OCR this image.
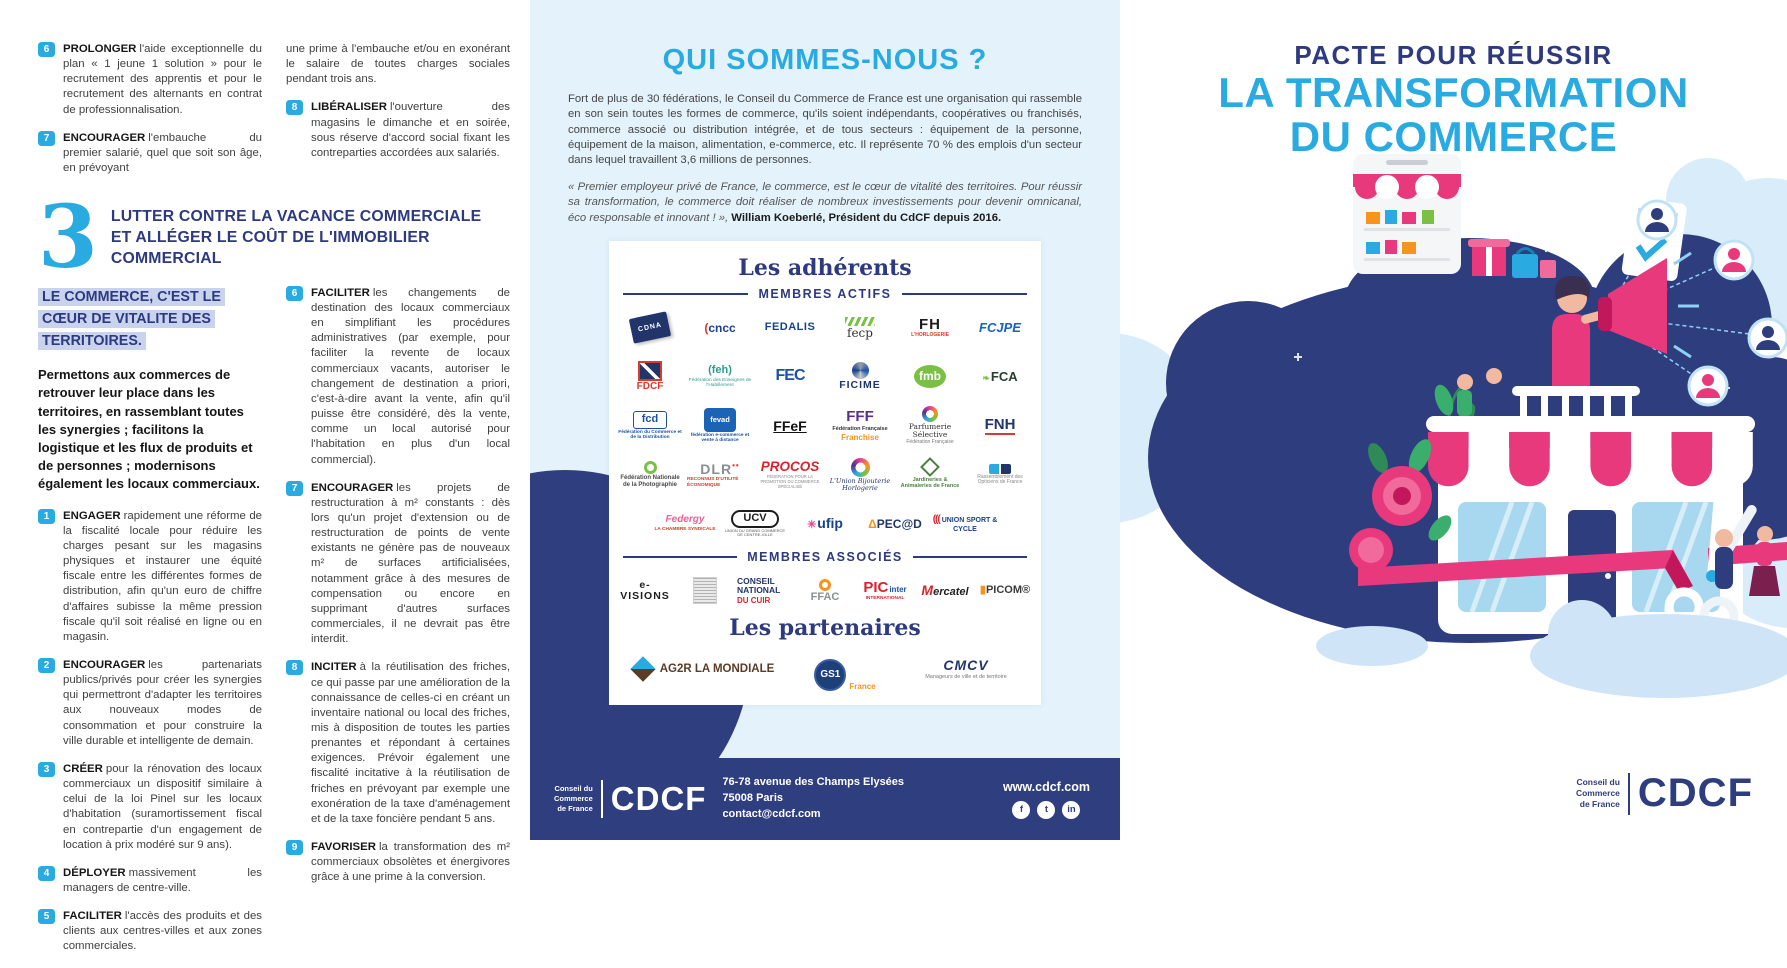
6	PROLONGER l'aide exceptionnelle du plan « 1 jeune 1 solution » pour le recrutement des apprentis et pour le recrutement des alternants en contrat de professionnalisation.

7	ENCOURAGER l'embauche du premier salarié, quel que soit son âge, en prévoyant

une prime à l'embauche et/ou en exonérant le salaire de toutes charges sociales pendant trois ans.

8	LIBÉRALISER l'ouverture des magasins le dimanche et en soirée, sous réserve d'accord social fixant les contreparties accordées aux salariés.

3 LUTTER CONTRE LA VACANCE COMMERCIALE
ET ALLÉGER LE COÛT DE L'IMMOBILIER COMMERCIAL

LE COMMERCE, C'EST LE CŒUR DE VITALITE DES TERRITOIRES.

Permettons aux commerces de retrouver leur place dans les territoires, en rassemblant toutes les synergies ; facilitons la logistique et les flux de produits et de personnes ; modernisons également les locaux commerciaux.

1	ENGAGER rapidement une réforme de la fiscalité locale pour réduire les charges pesant sur les magasins physiques et instaurer une équité fiscale entre les différentes formes de distribution, afin qu'un euro de chiffre d'affaires subisse la même pression fiscale qu'il soit réalisé en ligne ou en magasin.

2	ENCOURAGER les partenariats publics/privés pour créer les synergies qui permettront d'adapter les territoires aux nouveaux modes de consommation et pour construire la ville durable et intelligente de demain.

3	CRÉER pour la rénovation des locaux commerciaux un dispositif similaire à celui de la loi Pinel sur les locaux d'habitation (suramortissement fiscal en contrepartie d'un engagement de location à prix modéré sur 9 ans).

4	DÉPLOYER massivement les managers de centre-ville.

5	FACILITER l'accès des produits et des clients aux centres-villes et aux zones commerciales.

6	FACILITER les changements de destination des locaux commerciaux en simplifiant les procédures administratives (par exemple, pour faciliter la revente de locaux commerciaux vacants, autoriser le changement de destination a priori, c'est-à-dire avant la vente, afin qu'il puisse être considéré, dès la vente, comme un local autorisé pour l'habitation en plus d'un local commercial).

7	ENCOURAGER les projets de restructuration à m² constants : dès lors qu'un projet d'extension ou de restructuration de points de vente existants ne génère pas de nouveaux m² de surfaces artificialisées, notamment grâce à des mesures de compensation ou encore en supprimant d'autres surfaces commerciales, il ne devrait pas être interdit.

8	INCITER à la réutilisation des friches, ce qui passe par une amélioration de la connaissance de celles-ci en créant un inventaire national ou local des friches, mis à disposition de toutes les parties prenantes et répondant à certaines exigences. Prévoir également une fiscalité incitative à la réutilisation de friches en prévoyant par exemple une exonération de la taxe d'aménagement et de la taxe foncière pendant 5 ans.

9	FAVORISER la transformation des m² commerciaux obsolètes et énergivores grâce à une prime à la conversion.

QUI SOMMES-NOUS ?

Fort de plus de 30 fédérations, le Conseil du Commerce de France est une organisation qui rassemble en son sein toutes les formes de commerce, qu'ils soient indépendants, coopératives ou franchisés, commerce associé ou distribution intégrée, et de tous secteurs : équipement de la personne, équipement de la maison, alimentation, e-commerce, etc. Il représente 70 % des emplois d'un secteur dans lequel travaillent 3,6 millions de personnes.

« Premier employeur privé de France, le commerce, est le cœur de vitalité des territoires. Pour réussir sa transformation, le commerce doit réaliser de nombreux investissements pour devenir omnicanal, éco responsable et innovant ! », William Koeberlé, Président du CdCF depuis 2016.

Les adhérents
MEMBRES ACTIFS
CDNA	( cncc	FEDALIS	fecp	FH
L'HORLOGERIE
FCJPE
FDCF
( feh )
Fédération des Enseignes de l'Habillement
FEC
FICIME
fmb	❧ FCA
fcd
Fédération du Commerce et de la Distribution
fevad
fédération e-commerce et vente à distance
FFeF
FFF
Fédération Française
Franchise
Parfumerie Sélective
Fédération Française
FNH
Fédération Nationale de la Photographie
DLR ••
RECONNUS D'UTILITÉ ÉCONOMIQUE
PROCOS
FÉDÉRATION POUR LA PROMOTION DU COMMERCE SPÉCIALISÉ
L'Union Bijouterie Horlogerie
Jardineries & Animaleries de France
Rassemblement des Opticiens de France
Federgy
LA CHAMBRE SYNDICALE
UCV
UNION DU GRAND COMMERCE DE CENTRE-VILLE
✳ ufip	Δ PEC@D	((( UNION SPORT & CYCLE
MEMBRES ASSOCIÉS
e-VISIONS
CONSEIL NATIONAL
DU CUIR	FFAC
PIC inter
INTERNATIONAL
Mercatel	▮ PICOM®
Les partenaires
AG2R LA MONDIALE
GS1
France
CMCV
Manageurs de ville et de territoire
Conseil du
Commerce
de France CDCF 76-78 avenue des Champs Elysées
75008 Paris
contact@cdcf.com
www.cdcf.com
f	t	in
PACTE POUR RÉUSSIR
LA TRANSFORMATION
DU COMMERCE
Conseil du
Commerce
de France CDCF
